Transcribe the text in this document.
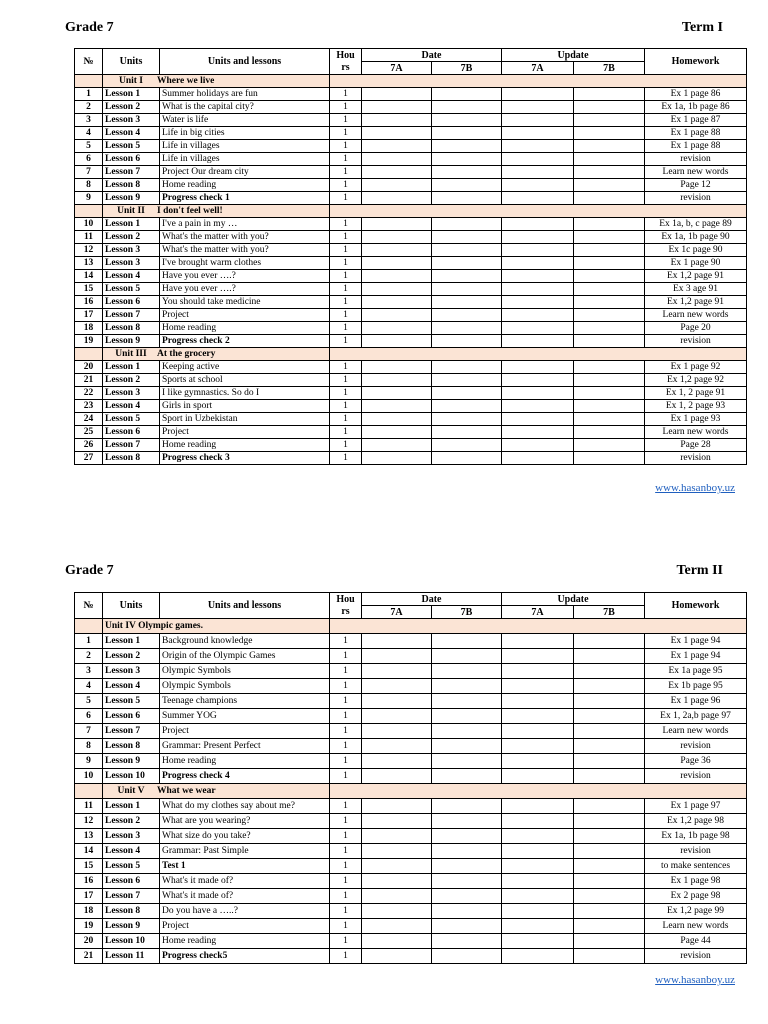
Grade 7	Term I
№	Units	Units and lessons	Hou	Date		Update		Homework
			rs	7A	7B	7A	7B	
	Unit I Where we live							
1	Lesson 1	Summer holidays are fun	1					Ex 1 page 86
2	Lesson 2	What is the capital city?	1					Ex 1a, 1b page 86
3	Lesson 3	Water is life	1					Ex 1 page 87
4	Lesson 4	Life in big cities	1					Ex 1 page 88
5	Lesson 5	Life in villages	1					Ex 1 page 88
6	Lesson 6	Life in villages	1					revision
7	Lesson 7	Project Our dream city	1					Learn new words
8	Lesson 8	Home reading	1					Page 12
9	Lesson 9	Progress check 1	1					revision
	Unit II I don't feel well!							
10	Lesson 1	I've a pain in my …	1					Ex 1a, b, c page 89
11	Lesson 2	What's the matter with you?	1					Ex 1a, 1b page 90
12	Lesson 3	What's the matter with you?	1					Ex 1c page 90
13	Lesson 3	I've brought warm clothes	1					Ex 1 page 90
14	Lesson 4	Have you ever ….?	1					Ex 1,2 page 91
15	Lesson 5	Have you ever ….?	1					Ex 3 age 91
16	Lesson 6	You should take medicine	1					Ex 1,2 page 91
17	Lesson 7	Project	1					Learn new words
18	Lesson 8	Home reading	1					Page 20
19	Lesson 9	Progress check 2	1					revision
	Unit III At the grocery							
20	Lesson 1	Keeping active	1					Ex 1 page 92
21	Lesson 2	Sports at school	1					Ex 1,2 page 92
22	Lesson 3	I like gymnastics. So do I	1					Ex 1, 2 page 91
23	Lesson 4	Girls in sport	1					Ex 1, 2 page 93
24	Lesson 5	Sport in Uzbekistan	1					Ex 1 page 93
25	Lesson 6	Project	1					Learn new words
26	Lesson 7	Home reading	1					Page 28
27	Lesson 8	Progress check 3	1					revision
www.hasanboy.uz
Grade 7	Term II
№	Units	Units and lessons	Hou	Date		Update		Homework
			rs	7A	7B	7A	7B	
	Unit IV Olympic games.							
1	Lesson 1	Background knowledge	1					Ex 1 page 94
2	Lesson 2	Origin of the Olympic Games	1					Ex 1 page 94
3	Lesson 3	Olympic Symbols	1					Ex 1a page 95
4	Lesson 4	Olympic Symbols	1					Ex 1b page 95
5	Lesson 5	Teenage champions	1					Ex 1 page 96
6	Lesson 6	Summer YOG	1					Ex 1, 2a,b page 97
7	Lesson 7	Project	1					Learn new words
8	Lesson 8	Grammar: Present Perfect	1					revision
9	Lesson 9	Home reading	1					Page 36
10	Lesson 10	Progress check 4	1					revision
	Unit V What we wear							
11	Lesson 1	What do my clothes say about me?	1					Ex 1 page 97
12	Lesson 2	What are you wearing?	1					Ex 1,2 page 98
13	Lesson 3	What size do you take?	1					Ex 1a, 1b page 98
14	Lesson 4	Grammar: Past Simple	1					revision
15	Lesson 5	Test 1	1					to make sentences
16	Lesson 6	What's it made of?	1					Ex 1 page 98
17	Lesson 7	What's it made of?	1					Ex 2 page 98
18	Lesson 8	Do you have a …..?	1					Ex 1,2 page 99
19	Lesson 9	Project	1					Learn new words
20	Lesson 10	Home reading	1					Page 44
21	Lesson 11	Progress check5	1					revision
www.hasanboy.uz
